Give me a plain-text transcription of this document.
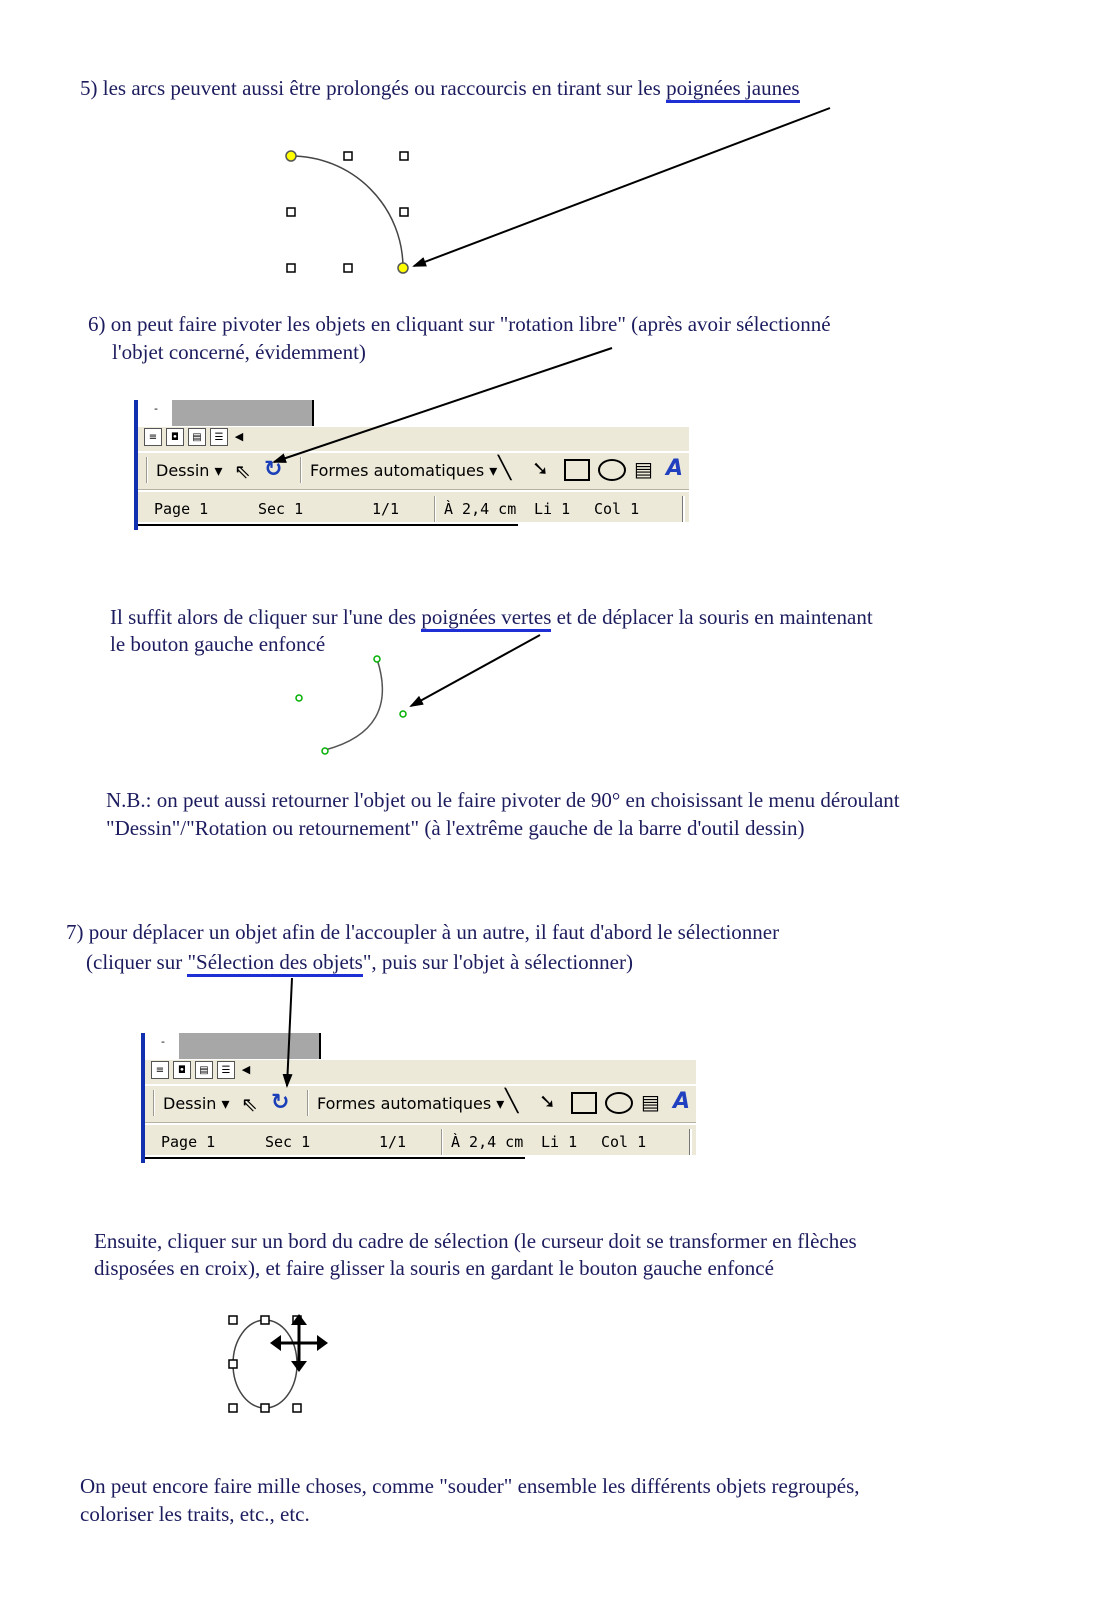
5) les arcs peuvent aussi être prolongés ou raccourcis en tirant sur les poignées jaunes
6) on peut faire pivoter les objets en cliquant sur "rotation libre" (après avoir sélectionné
l'objet concerné, évidemment)
-
≡	◘	▤	☰	◀
Dessin ▾ ⇖ ↻ Formes automatiques ▾ ╲ ➘	▤ A
Page 1	Sec 1	1/1	À 2,4 cm Li 1 Col 1
Il suffit alors de cliquer sur l'une des poignées vertes et de déplacer la souris en maintenant
le bouton gauche enfoncé
N.B.: on peut aussi retourner l'objet ou le faire pivoter de 90° en choisissant le menu déroulant
"Dessin"/"Rotation ou retournement" (à l'extrême gauche de la barre d'outil dessin)
7) pour déplacer un objet afin de l'accoupler à un autre, il faut d'abord le sélectionner
(cliquer sur "Sélection des objets", puis sur l'objet à sélectionner)
-
≡	◘	▤	☰	◀
Dessin ▾ ⇖ ↻ Formes automatiques ▾ ╲ ➘	▤ A
Page 1	Sec 1	1/1	À 2,4 cm Li 1 Col 1
Ensuite, cliquer sur un bord du cadre de sélection (le curseur doit se transformer en flèches
disposées en croix), et faire glisser la souris en gardant le bouton gauche enfoncé
On peut encore faire mille choses, comme "souder" ensemble les différents objets regroupés,
coloriser les traits, etc., etc.
